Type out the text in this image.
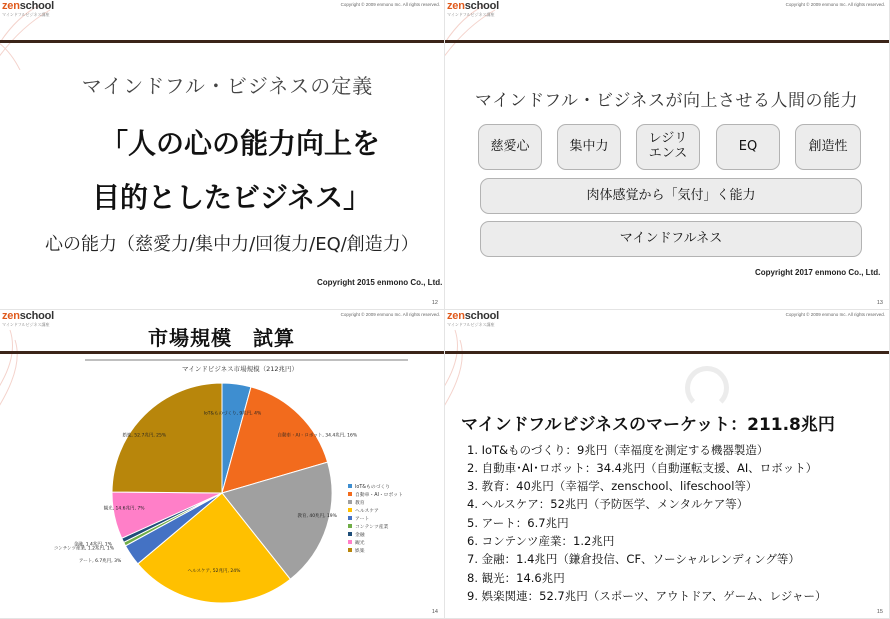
zenschool
マインドフルビジネス講座
Copyright © 2009 enmono Inc. All rights reserved.
マインドフル・ビジネスの定義
「人の心の能力向上を
目的としたビジネス」
心の能力（慈愛力/集中力/回復力/EQ/創造力）
Copyright 2015 enmono Co., Ltd.
12
zenschool
マインドフルビジネス講座
Copyright © 2009 enmono Inc. All rights reserved.
マインドフル・ビジネスが向上させる人間の能力
慈愛心	集中力	レジリ
エンス	EQ	創造性
肉体感覚から「気付」く能力
マインドフルネス
Copyright 2017 enmono Co., Ltd.
13
zenschool
マインドフルビジネス講座
Copyright © 2009 enmono Inc. All rights reserved.
市場規模　試算
マインドビジネス市場規模（212兆円）
IoT&ものづくり, 9兆円, 4%
自動車・AI・ロボット, 34.4兆円, 16%
教育, 40兆円, 19%
ヘルスケア, 52兆円, 24%
アート, 6.7兆円, 3%
コンテンツ産業, 1.2兆円, 1%
金融, 1.4兆円, 1%
観光, 14.6兆円, 7%
娯楽, 52.7兆円, 25%
IoT&ものづくり
自動車・AI・ロボット
教育
ヘルスケア
アート
コンテンツ産業
金融
観光
娯楽
14
zenschool
マインドフルビジネス講座
Copyright © 2009 enmono Inc. All rights reserved.
マインドフルビジネスのマーケット：211.8兆円
1. IoT&ものづくり：9兆円（幸福度を測定する機器製造）
2. 自動車･AI･ロボット：34.4兆円（自動運転支援、AI、ロボット）
3. 教育：40兆円（幸福学、zenschool、lifeschool等）
4. ヘルスケア：52兆円（予防医学、メンタルケア等）
5. アート：6.7兆円
6. コンテンツ産業：1.2兆円
7. 金融：1.4兆円（鎌倉投信、CF、ソーシャルレンディング等）
8. 観光：14.6兆円
9. 娯楽関連：52.7兆円（スポーツ、アウトドア、ゲーム、レジャー）
15
